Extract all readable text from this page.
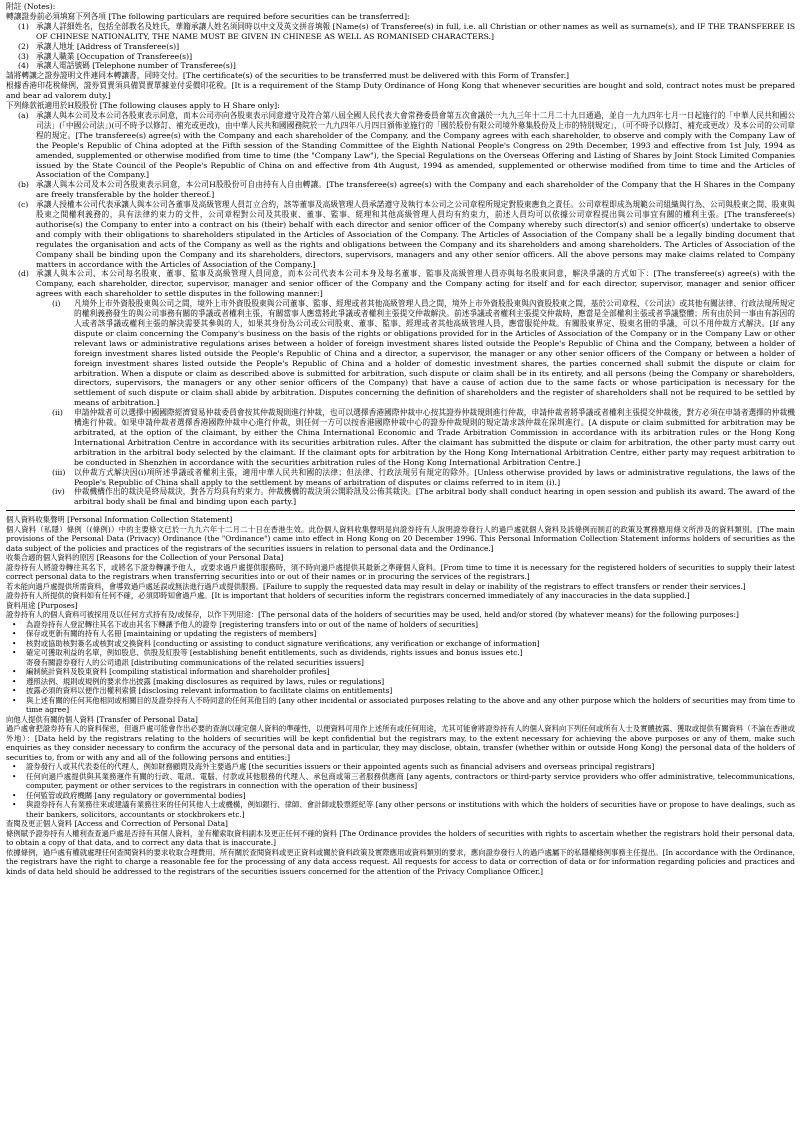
附註 (Notes):

轉讓證券前必須填寫下列各項 [The following particulars are required before securities can be transferred]:

(1) 承讓人詳細姓名，包括全部教名及姓氏，華籍承讓人姓名須同時以中文及英文拼音填報 [Name(s) of Transferee(s) in full, i.e. all Christian or other names as well as surname(s), and IF THE TRANSFEREE IS OF CHINESE NATIONALITY, THE NAME MUST BE GIVEN IN CHINESE AS WELL AS ROMANISED CHARACTERS.]
(2) 承讓人地址 [Address of Transferee(s)]
(3) 承讓人職業 [Occupation of Transferee(s)]
(4) 承讓人電話號碼 [Telephone number of Transferee(s)]

請將轉讓之證券證明文件連同本轉讓書，同時交付。[The certificate(s) of the securities to be transferred must be delivered with this Form of Transfer.]

根據香港印花稅條例，證券買賣須具備買賣單據並付妥價印花稅。[It is a requirement of the Stamp Duty Ordinance of Hong Kong that whenever securities are bought and sold, contract notes must be prepared and bear ad valorem duty.]

下列條款祇適用於H股股份 [The following clauses apply to H Share only]:

(a) 承讓人與本公司及本公司各股東表示同意，而本公司亦向各股東表示同意遵守及符合第八屆全國人民代表大會常務委員會第五次會議於一九九三年十二月二十九日通過，並自一九九四年七月一日起施行的「中華人民共和國公司法」(「中國公司法」)(可不時予以修訂、補充或更改)，由中華人民共和國國務院於一九九四年八月四日頒佈並施行的「國於股份有限公司境外募集股份及上市的特別規定」，（可不時予以修訂、補充或更改）及本公司的公司章程的規定。[The transferee(s) agree(s) with the Company and each shareholder of the Company, and the Company agrees with each shareholder, to observe and comply with the Company Law of the People's Republic of China adopted at the Fifth session of the Standing Committee of the Eighth National People's Congress on 29th December, 1993 and effective from 1st July, 1994 as amended, supplemented or otherwise modified from time to time (the "Company Law"), the Special Regulations on the Overseas Offering and Listing of Shares by Joint Stock Limited Companies issued by the State Council of the People's Republic of China on and effective from 4th August, 1994 as amended, supplemented or otherwise modified from time to time and the Articles of Association of the Company.]
(b) 承讓人與本公司及本公司各股東表示同意，本公司H股股份可自由持有人自由轉讓。[The transferee(s) agree(s) with the Company and each shareholder of the Company that the H Shares in the Company are freely transferable by the holder thereof.]
(c) 承讓人授權本公司代表承讓人與本公司各董事及高級管理人員訂立合約，該等董事及高級管理人員承諾遵守及執行本公司之公司章程所規定對股東應負之責任。公司章程即成為規範公司組織與行為、公司與股東之間、股東與股東之間權利義務的，具有法律約束力的文件，公司章程對公司及其股東、董事、監事、經理和其他高級管理人員均有約束力，前述人員均可以依據公司章程提出與公司事宜有關的權利主張。[The transferee(s) authorise(s) the Company to enter into a contract on his (their) behalf with each director and senior officer of the Company whereby such director(s) and senior officer(s) undertake to observe and comply with their obligations to shareholders stipulated in the Articles of Association of the Company. The Articles of Association of the Company shall be a legally binding document that regulates the organisation and acts of the Company as well as the rights and obligations between the Company and its shareholders and among shareholders. The Articles of Association of the Company shall be binding upon the Company and its shareholders, directors, supervisors, managers and any other senior officers. All the above persons may make claims related to Company matters in accordance with the Articles of Association of the Company.]
(d) 承讓人與本公司、本公司每名股東、董事、監事及高級管理人員同意，而本公司代表本公司本身及每名董事、監事及高級管理人員亦與每名股東同意，解決爭議的方式如下：[The transferee(s) agree(s) with the Company, each shareholder, director, supervisor, manager and senior officer of the Company and the Company acting for itself and for each director, supervisor, manager and senior officer agrees with each shareholder to settle disputes in the following manner:]
(i)	凡境外上市外資股股東與公司之間，境外上市外資股股東與公司董事、監事、經理或者其他高級管理人員之間，境外上市外資股股東與內資股股東之間，基於公司章程、《公司法》或其他有關法律、行政法規所規定的權利義務發生的與公司事務有關的爭議或者權利主張，有關當事人應當將此爭議或者權利主張提交仲裁解決。前述爭議或者權利主張提交仲裁時，應當是全部權利主張或者爭議整體；所有由於同一事由有訴因的人或者該爭議或權利主張的解決需要其參與的人，如果其身份為公司或公司股東、董事、監事、經理或者其他高級管理人員，應當服從仲裁。有關股東界定、股東名冊的爭議，可以不用仲裁方式解決。[If any dispute or claim concerning the Company's business on the basis of the rights or obligations provided for in the Articles of Association of the Company or in the Company Law or other relevant laws or administrative regulations arises between a holder of foreign investment shares listed outside the People's Republic of China and the Company, between a holder of foreign investment shares listed outside the People's Republic of China and a director, a supervisor, the manager or any other senior officers of the Company or between a holder of foreign investment shares listed outside the People's Republic of China and a holder of domestic investment shares, the parties concerned shall submit the dispute or claim for arbitration. When a dispute or claim as described above is submitted for arbitration, such dispute or claim shall be in its entirety, and all persons (being the Company or shareholders, directors, supervisors, the managers or any other senior officers of the Company) that have a cause of action due to the same facts or whose participation is necessary for the settlement of such dispute or claim shall abide by arbitration. Disputes concerning the definition of shareholders and the register of shareholders shall not be required to be settled by means of arbitration.]
(ii)	申請仲裁者可以選擇中國國際經濟貿易仲裁委員會按其仲裁規則進行仲裁，也可以選擇香港國際仲裁中心按其證券仲裁規則進行仲裁，申請仲裁者將爭議或者權利主張提交仲裁後，對方必須在申請者選擇的仲裁機構進行仲裁。如果申請仲裁者選擇香港國際仲裁中心進行仲裁，則任何一方可以按香港國際仲裁中心的證券仲裁規則的規定請求該仲裁在深圳進行。[A dispute or claim submitted for arbitration may be arbitrated, at the option of the claimant, by either the China International Economic and Trade Arbitration Commission in accordance with its arbitration rules or the Hong Kong International Arbitration Centre in accordance with its securities arbitration rules. After the claimant has submitted the dispute or claim for arbitration, the other party must carry out arbitration in the arbitral body selected by the claimant. If the claimant opts for arbitration by the Hong Kong International Arbitration Centre, either party may request arbitration to be conducted in Shenzhen in accordance with the securities arbitration rules of the Hong Kong International Arbitration Centre.]
(iii)	以仲裁方式解決因(i)項所述爭議或者權利主張，適用中華人民共和國的法律；但法律、行政法規另有規定的除外。[Unless otherwise provided by laws or administrative regulations, the laws of the People's Republic of China shall apply to the settlement by means of arbitration of disputes or claims referred to in item (i).]
(iv)	仲裁機構作出的裁決是終局裁決，對各方均具有約束力。仲裁機構的裁決須公開聆訊及公佈其裁決。[The arbitral body shall conduct hearing in open session and publish its award. The award of the arbitral body shall be final and binding upon each party.]

個人資料收集聲明 [Personal Information Collection Statement]

個人資料（私隱）條例（(條例)）中的主要條文已於一九九六年十二月二十日在香港生效。此份個人資料收集聲明是向證券持有人說明證券發行人的過戶處就個人資料及該條例而制訂的政策及實務應用條文所涉及的資料類別。[The main provisions of the Personal Data (Privacy) Ordinance (the "Ordinance") came into effect in Hong Kong on 20 December 1996. This Personal Information Collection Statement informs holders of securities as the data subject of the policies and practices of the registrars of the securities issuers in relation to personal data and the Ordinance.]

收集合適的個人資料的原因 [Reasons for the Collection of your Personal Data]

證券持有人將證券轉往其名下，或將名下證券轉讓予他人，或要求過戶處提供服務時，須不時向過戶處提供其最新之準確個人資料。[From time to time it is necessary for the registered holders of securities to supply their latest correct personal data to the registrars when transferring securities into or out of their names or in procuring the services of the registrars.]

若未能向過戶處提供所需資料，會導致過戶處延誤或無法進行過戶或提供服務。[Failure to supply the requested data may result in delay or inability of the registrars to effect transfers or render their services.]

證券持有人所提供的資料如有任何不確，必須即時知會過戶處。[It is important that holders of securities inform the registrars concerned immediately of any inaccuracies in the data supplied.]

資料用途 [Purposes]

證券持有人的個人資料可被採用及以任何方式持有及/或保存，以作下列用途：[The personal data of the holders of securities may be used, held and/or stored (by whatever means) for the following purposes:]

•	為證券持有人登記轉往其名下或由其名下轉讓予他人的證券 [registering transfers into or out of the name of holders of securities]
•	保存或更新有關的持有人名冊 [maintaining or updating the registers of members]
•	核對或協助核對簽名或核對或交換資料 [conducting or assisting to conduct signature verifications, any verification or exchange of information]
•	確定可獲取利益的名單，例如股息、供股及紅股等 [establishing benefit entitlements, such as dividends, rights issues and bonus issues etc.]
寄發有關證券發行人的公司通訊 [distributing communications of the related securities issuers]
•	編制統計資料及股東資料 [compiling statistical information and shareholder profiles]
•	遵照法例、規則或規例的要求作出披露 [making disclosures as required by laws, rules or regulations]
•	披露必須的資料以便作出權利索償 [disclosing relevant information to facilitate claims on entitlements]
•	與上述有關的任何其他相同或相關目的及證券持有人不時同意的任何其他目的 [any other incidental or associated purposes relating to the above and any other purpose which the holders of securities may from time to time agree]

向他人提供有關的個人資料 [Transfer of Personal Data]

過戶處會把證券持有人的資料保密，但過戶處可能會作出必要的查詢以確定個人資料的準確性，以便資料可用作上述所有或任何用途，尤其可能會將證券持有人的個人資料向下列任何或所有人士及實體披露、獲取或提供有關資料（不論在香港或外地）：[Data held by the registrars relating to the holders of securities will be kept confidential but the registrars may, to the extent necessary for achieving the above purposes or any of them, make such enquiries as they consider necessary to confirm the accuracy of the personal data and in particular, they may disclose, obtain, transfer (whether within or outside Hong Kong) the personal data of the holders of securities to, from or with any and all of the following persons and entities:]

•	證券發行人或其代表委任的代理人，例如財務顧問及海外主要過戶處 [the securities issuers or their appointed agents such as financial advisers and overseas principal registrars]
•	任何向過戶處提供與其業務運作有關的行政、電訊、電腦、付款或其他服務的代理人、承包商或第三者服務供應商 [any agents, contractors or third-party service providers who offer administrative, telecommunications, computer, payment or other services to the registrars in connection with the operation of their business]
•	任何監管或政府機關 [any regulatory or governmental bodies]
•	與證券持有人有業務往來或建議有業務往來的任何其他人士或機構，例如銀行、律師、會計師或股票經紀等 [any other persons or institutions with which the holders of securities have or propose to have dealings, such as their bankers, solicitors, accountants or stockbrokers etc.]

查閱及更正個人資料 [Access and Correction of Personal Data]

條例賦予證券持有人權利查查過戶處是否持有其個人資料，並有權索取資料副本及更正任何不確的資料 [The Ordinance provides the holders of securities with rights to ascertain whether the registrars hold their personal data, to obtain a copy of that data, and to correct any data that is inaccurate.]

依據條例，過戶處有權就處理任何查閱資料的要求收取合理費用。所有關於查閱資料或更正資料或關於資料政策及實際應用或資料類別的要求，應向證券發行人的過戶處屬下的私隱權條例事務主任提出。[In accordance with the Ordinance, the registrars have the right to charge a reasonable fee for the processing of any data access request. All requests for access to data or correction of data or for information regarding policies and practices and kinds of data held should be addressed to the registrars of the securities issuers concerned for the attention of the Privacy Compliance Officer.]
